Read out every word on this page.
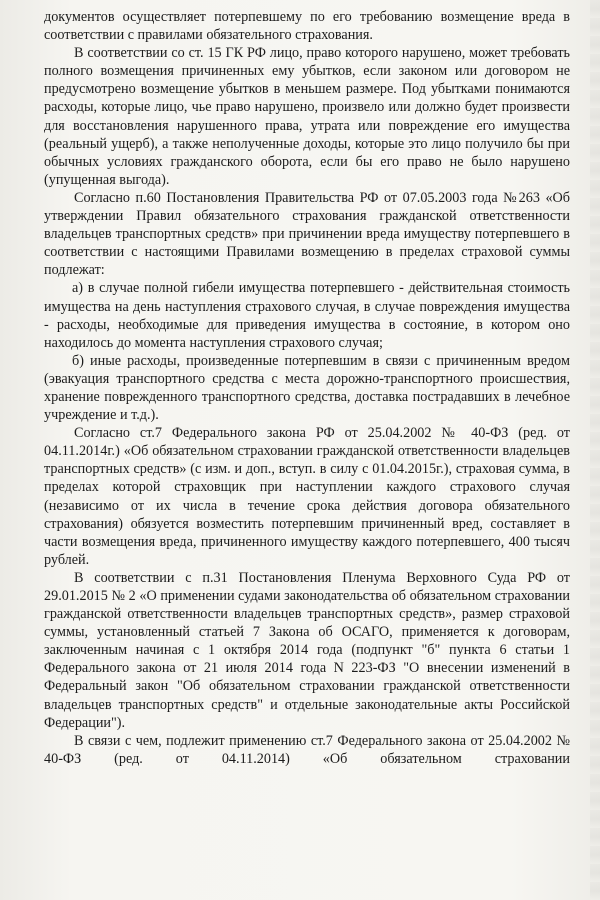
документов осуществляет потерпевшему по его требованию возмещение вреда в соответствии с правилами обязательного страхования.

В соответствии со ст. 15 ГК РФ лицо, право которого нарушено, может требовать полного возмещения причиненных ему убытков, если законом или договором не предусмотрено возмещение убытков в меньшем размере. Под убытками понимаются расходы, которые лицо, чье право нарушено, произвело или должно будет произвести для восстановления нарушенного права, утрата или повреждение его имущества (реальный ущерб), а также неполученные доходы, которые это лицо получило бы при обычных условиях гражданского оборота, если бы его право не было нарушено (упущенная выгода).

Согласно п.60 Постановления Правительства РФ от 07.05.2003 года №263 «Об утверждении Правил обязательного страхования гражданской ответственности владельцев транспортных средств» при причинении вреда имуществу потерпевшего в соответствии с настоящими Правилами возмещению в пределах страховой суммы подлежат:

а) в случае полной гибели имущества потерпевшего - действительная стоимость имущества на день наступления страхового случая, в случае повреждения имущества - расходы, необходимые для приведения имущества в состояние, в котором оно находилось до момента наступления страхового случая;

б) иные расходы, произведенные потерпевшим в связи с причиненным вредом (эвакуация транспортного средства с места дорожно-транспортного происшествия, хранение поврежденного транспортного средства, доставка пострадавших в лечебное учреждение и т.д.).

Согласно ст.7 Федерального закона РФ от 25.04.2002 № 40-ФЗ (ред. от 04.11.2014г.) «Об обязательном страховании гражданской ответственности владельцев транспортных средств» (с изм. и доп., вступ. в силу с 01.04.2015г.), страховая сумма, в пределах которой страховщик при наступлении каждого страхового случая (независимо от их числа в течение срока действия договора обязательного страхования) обязуется возместить потерпевшим причиненный вред, составляет в части возмещения вреда, причиненного имуществу каждого потерпевшего, 400 тысяч рублей.

В соответствии с п.31 Постановления Пленума Верховного Суда РФ от 29.01.2015 № 2 «О применении судами законодательства об обязательном страховании гражданской ответственности владельцев транспортных средств», размер страховой суммы, установленный статьей 7 Закона об ОСАГО, применяется к договорам, заключенным начиная с 1 октября 2014 года (подпункт "б" пункта 6 статьи 1 Федерального закона от 21 июля 2014 года N 223-ФЗ "О внесении изменений в Федеральный закон "Об обязательном страховании гражданской ответственности владельцев транспортных средств" и отдельные законодательные акты Российской Федерации").

В связи с чем, подлежит применению ст.7 Федерального закона от 25.04.2002 № 40-ФЗ (ред. от 04.11.2014) «Об обязательном страховании
